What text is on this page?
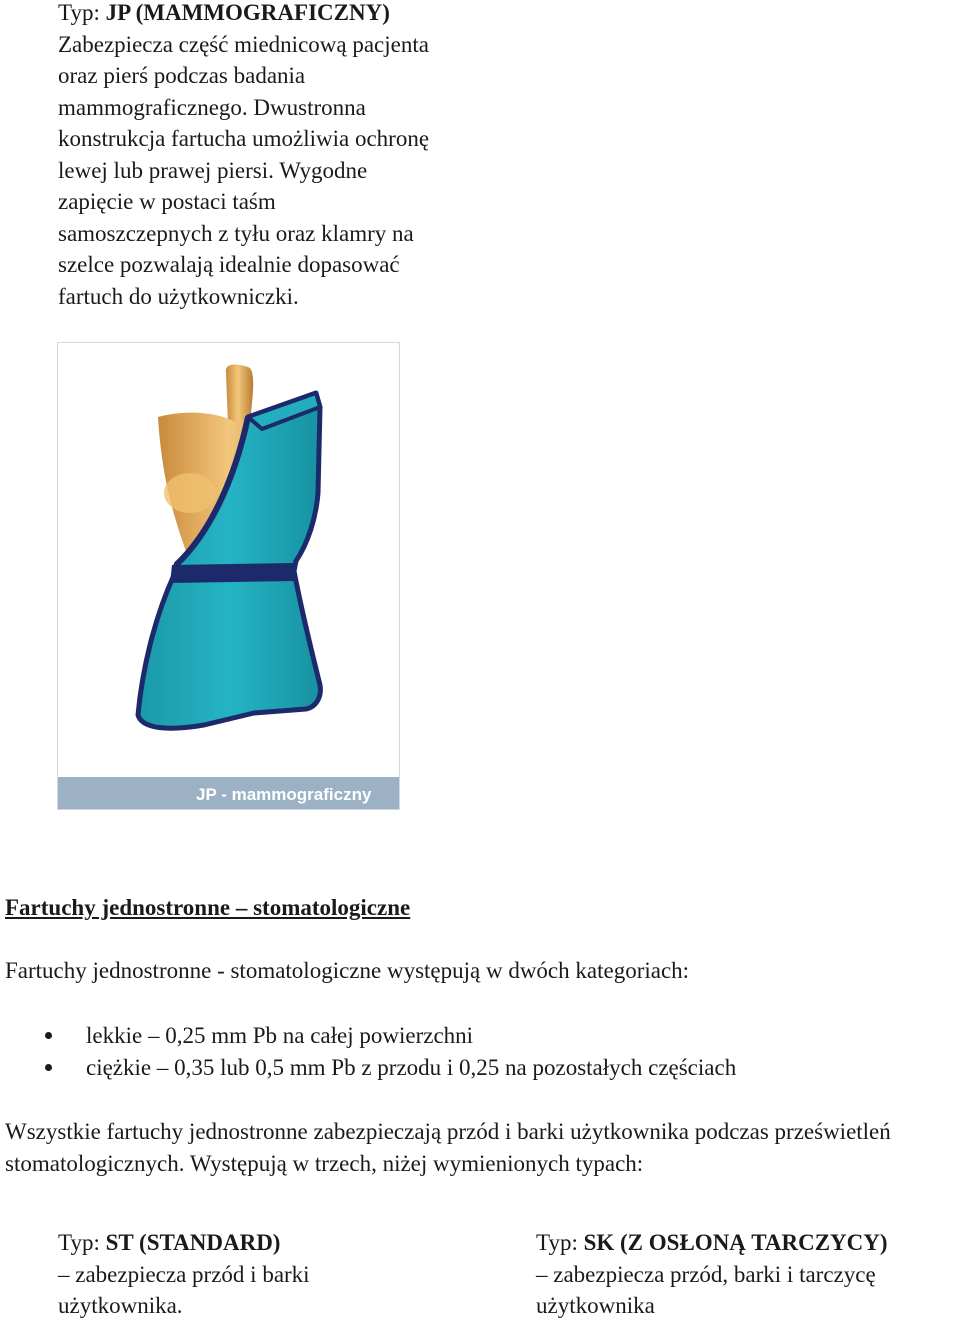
Typ: JP (MAMMOGRAFICZNY)
Zabezpiecza część miednicową pacjenta
oraz pierś podczas badania
mammograficznego. Dwustronna
konstrukcja fartucha umożliwia ochronę
lewej lub prawej piersi. Wygodne
zapięcie w postaci taśm
samoszczepnych z tyłu oraz klamry na
szelce pozwalają idealnie dopasować
fartuch do użytkowniczki.
JP - mammograficzny
Fartuchy jednostronne – stomatologiczne
Fartuchy jednostronne - stomatologiczne występują w dwóch kategoriach:
lekkie – 0,25 mm Pb na całej powierzchni
ciężkie – 0,35 lub 0,5 mm Pb z przodu i 0,25 na pozostałych częściach
Wszystkie fartuchy jednostronne zabezpieczają przód i barki użytkownika podczas prześwietleń stomatologicznych. Występują w trzech, niżej wymienionych typach:
Typ: ST (STANDARD)
– zabezpiecza przód i barki
użytkownika.
Typ: SK (Z OSŁONĄ TARCZYCY)
– zabezpiecza przód, barki i tarczycę
użytkownika
